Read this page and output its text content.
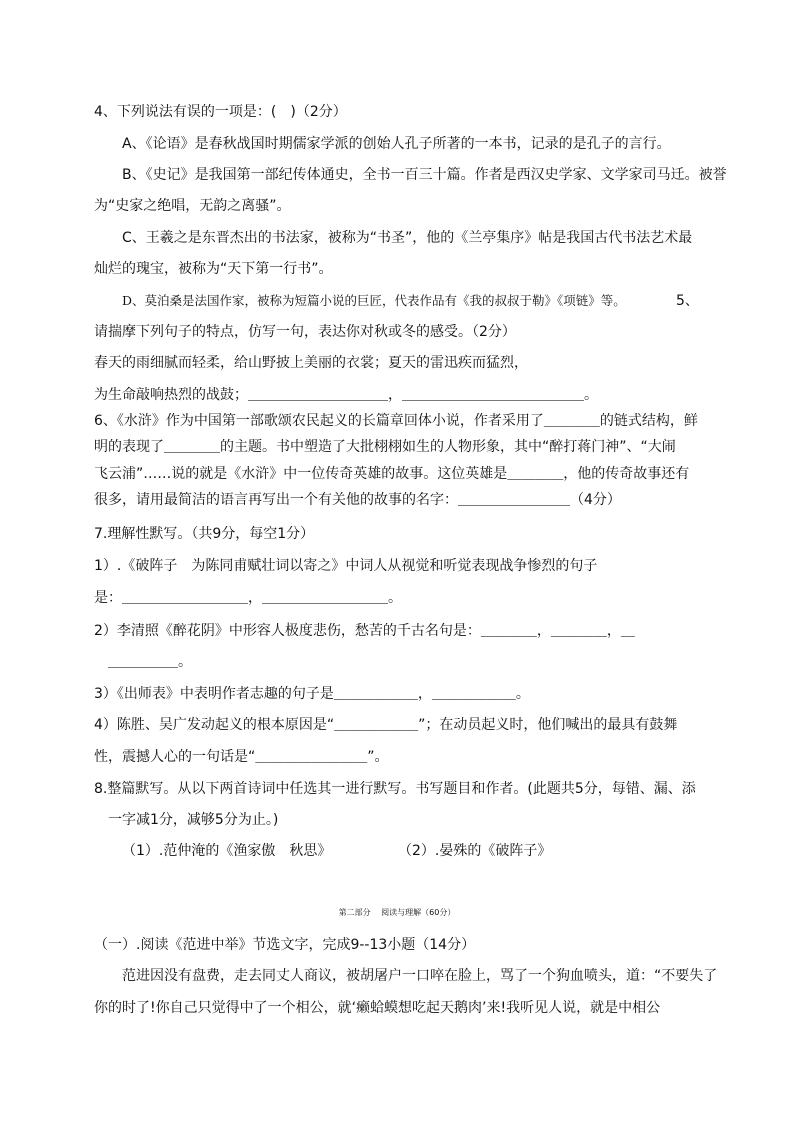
4、下列说法有误的一项是：(　)（2分）
A、《论语》是春秋战国时期儒家学派的创始人孔子所著的一本书，记录的是孔子的言行。
B、《史记》是我国第一部纪传体通史，全书一百三十篇。作者是西汉史学家、文学家司马迁。被誉
为“史家之绝唱，无韵之离骚”。
C、王羲之是东晋杰出的书法家，被称为“书圣”，他的《兰亭集序》帖是我国古代书法艺术最
灿烂的瑰宝，被称为“天下第一行书”。
D、莫泊桑是法国作家，被称为短篇小说的巨匠，代表作品有《我的叔叔于勒》《项链》等。	5、
请揣摩下列句子的特点，仿写一句，表达你对秋或冬的感受。（2分）
春天的雨细腻而轻柔，给山野披上美丽的衣裳；夏天的雷迅疾而猛烈，
为生命敲响热烈的战鼓；＿＿＿＿＿＿＿＿＿＿，＿＿＿＿＿＿＿＿＿＿＿＿＿。
6、《水浒》作为中国第一部歌颂农民起义的长篇章回体小说，作者采用了＿＿＿＿的链式结构，鲜
明的表现了＿＿＿＿的主题。书中塑造了大批栩栩如生的人物形象，其中“醉打蒋门神”、“大闹
飞云浦”……说的就是《水浒》中一位传奇英雄的故事。这位英雄是＿＿＿＿，他的传奇故事还有
很多，请用最简洁的语言再写出一个有关他的故事的名字：＿＿＿＿＿＿＿＿（4分）
7.理解性默写。（共9分，每空1分）
1）.《破阵子　为陈同甫赋壮词以寄之》中词人从视觉和听觉表现战争惨烈的句子
是：＿＿＿＿＿＿＿＿＿，＿＿＿＿＿＿＿＿＿。
2）李清照《醉花阴》中形容人极度悲伤，愁苦的千古名句是：＿＿＿＿，＿＿＿＿，＿
＿＿＿＿＿。
3）《出师表》中表明作者志趣的句子是＿＿＿＿＿＿，＿＿＿＿＿＿。
4）陈胜、吴广发动起义的根本原因是“＿＿＿＿＿＿”；在动员起义时，他们喊出的最具有鼓舞
性，震撼人心的一句话是“＿＿＿＿＿＿＿＿”。
8.整篇默写。从以下两首诗词中任选其一进行默写。书写题目和作者。(此题共5分，每错、漏、添
一字减1分，减够5分为止。)
（1）.范仲淹的《渔家傲　秋思》	（2）.晏殊的《破阵子》
第二部分　 阅读与理解（60分）
（一）.阅读《范进中举》节选文字，完成9--13小题（14分）
范进因没有盘费，走去同丈人商议，被胡屠户一口啐在脸上，骂了一个狗血喷头，道：“不要失了
你的时了!你自己只觉得中了一个相公，就‘癞蛤蟆想吃起天鹅肉’来!我听见人说，就是中相公
